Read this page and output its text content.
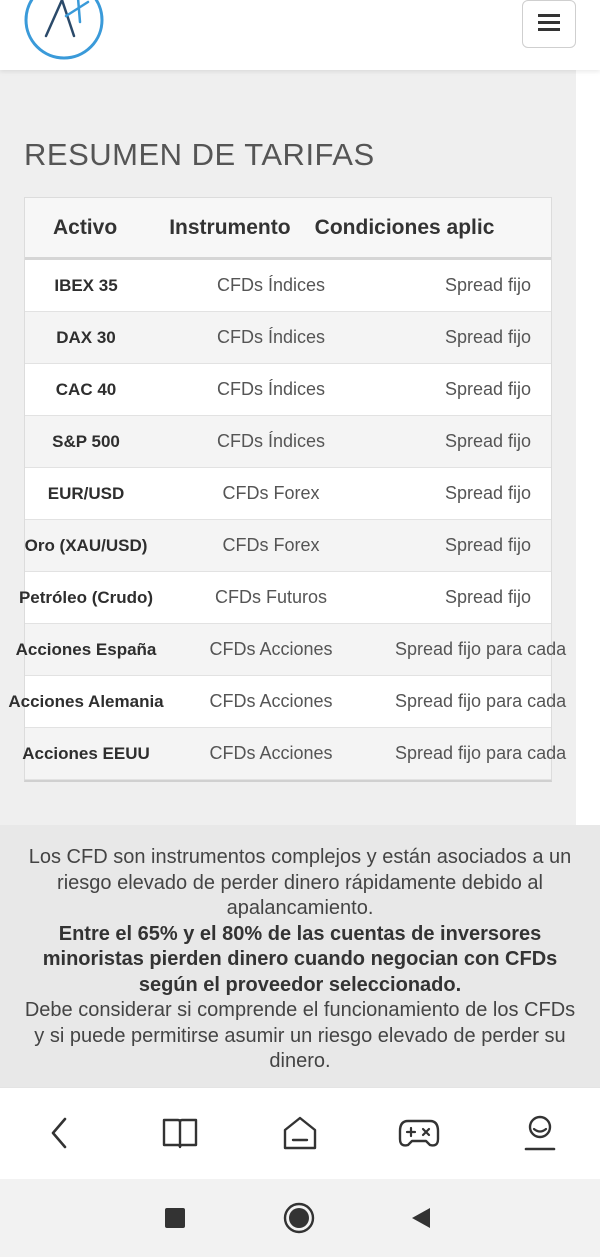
RESUMEN DE TARIFAS
Activo	Instrumento	Condiciones aplic
IBEX 35	CFDs Índices	Spread fijo
DAX 30	CFDs Índices	Spread fijo
CAC 40	CFDs Índices	Spread fijo
S&P 500	CFDs Índices	Spread fijo
EUR/USD	CFDs Forex	Spread fijo
Oro (XAU/USD)	CFDs Forex	Spread fijo
Petróleo (Crudo)	CFDs Futuros	Spread fijo
Acciones España	CFDs Acciones	Spread fijo para cada
Acciones Alemania	CFDs Acciones	Spread fijo para cada
Acciones EEUU	CFDs Acciones	Spread fijo para cada

Los CFD son instrumentos complejos y están asociados a un riesgo elevado de perder dinero rápidamente debido al apalancamiento.

Entre el 65% y el 80% de las cuentas de inversores minoristas pierden dinero cuando negocian con CFDs según el proveedor seleccionado.

Debe considerar si comprende el funcionamiento de los CFDs y si puede permitirse asumir un riesgo elevado de perder su dinero.
